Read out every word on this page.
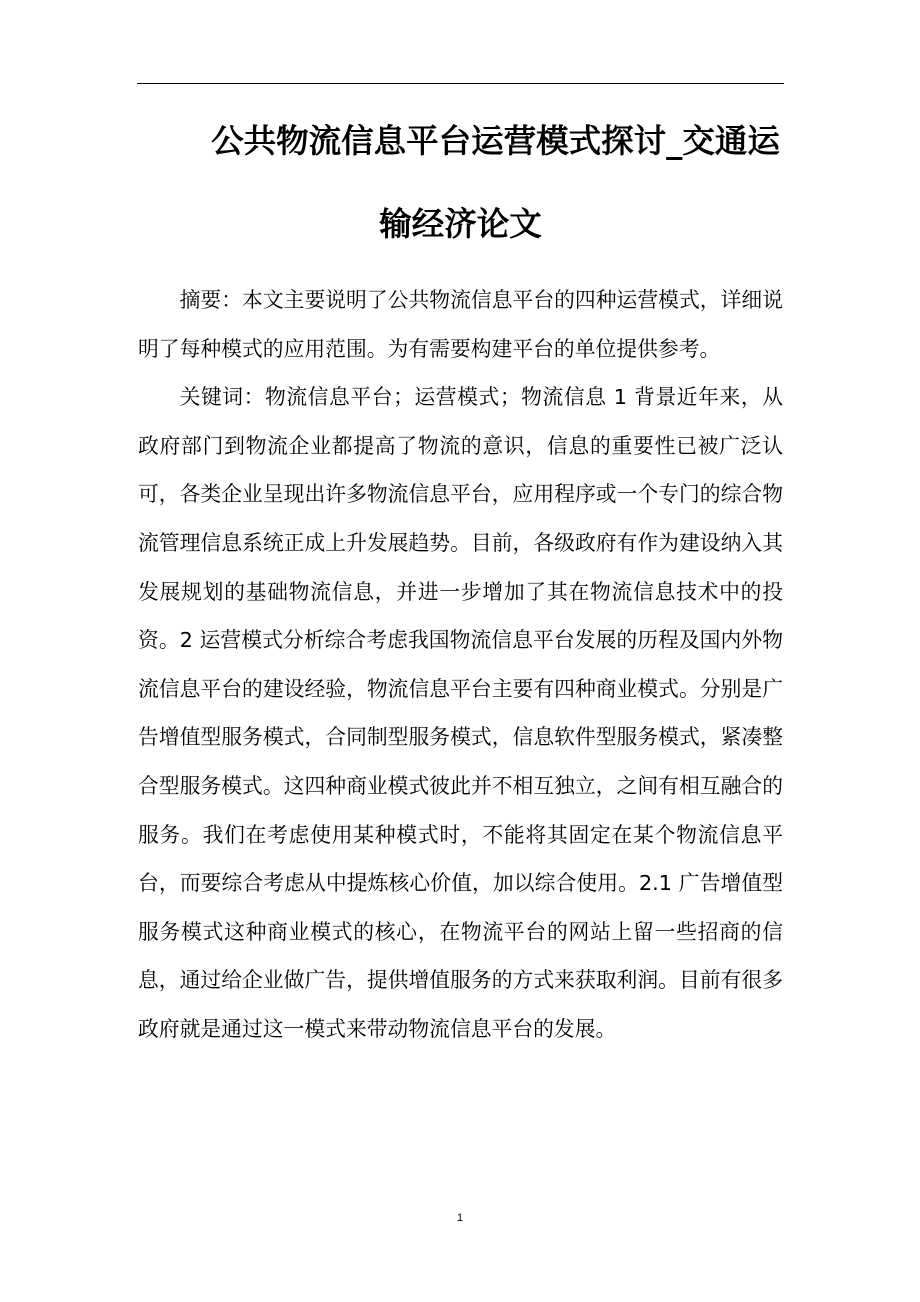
公共物流信息平台运营模式探讨_交通运
输经济论文

摘要：本文主要说明了公共物流信息平台的四种运营模式，详细说明了每种模式的应用范围。为有需要构建平台的单位提供参考。

关键词：物流信息平台；运营模式；物流信息 1 背景近年来，从政府部门到物流企业都提高了物流的意识，信息的重要性已被广泛认可，各类企业呈现出许多物流信息平台，应用程序或一个专门的综合物流管理信息系统正成上升发展趋势。目前，各级政府有作为建设纳入其发展规划的基础物流信息，并进一步增加了其在物流信息技术中的投资。2 运营模式分析综合考虑我国物流信息平台发展的历程及国内外物流信息平台的建设经验，物流信息平台主要有四种商业模式。分别是广告增值型服务模式，合同制型服务模式，信息软件型服务模式，紧凑整合型服务模式。这四种商业模式彼此并不相互独立，之间有相互融合的服务。我们在考虑使用某种模式时，不能将其固定在某个物流信息平台，而要综合考虑从中提炼核心价值，加以综合使用。2.1 广告增值型服务模式这种商业模式的核心，在物流平台的网站上留一些招商的信息，通过给企业做广告，提供增值服务的方式来获取利润。目前有很多政府就是通过这一模式来带动物流信息平台的发展。

1
